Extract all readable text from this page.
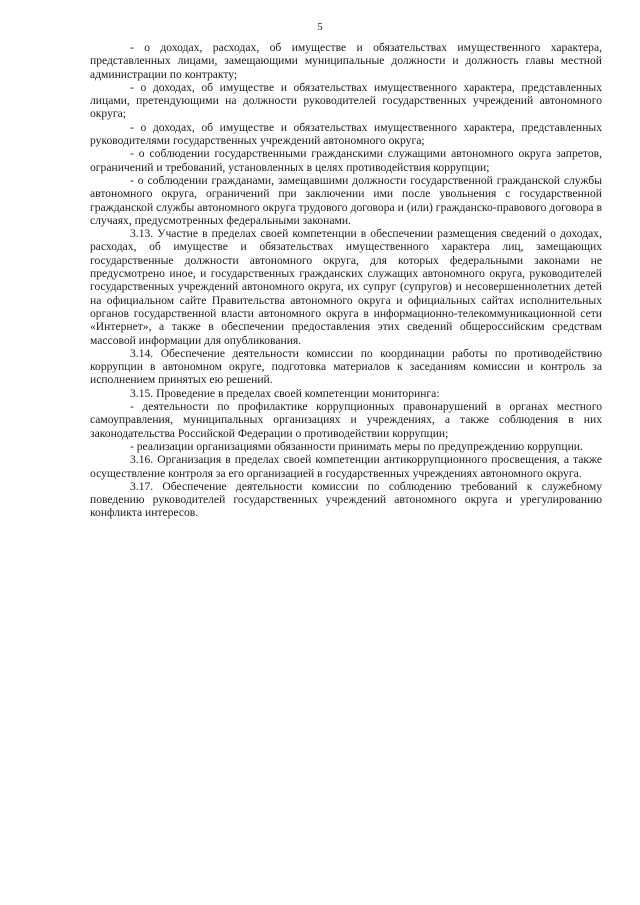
5

- о доходах, расходах, об имуществе и обязательствах имущественного характера, представленных лицами, замещающими муниципальные должности и должность главы местной администрации по контракту;

- о доходах, об имуществе и обязательствах имущественного характера, представленных лицами, претендующими на должности руководителей государственных учреждений автономного округа;

- о доходах, об имуществе и обязательствах имущественного характера, представленных руководителями государственных учреждений автономного округа;

- о соблюдении государственными гражданскими служащими автономного округа запретов, ограничений и требований, установленных в целях противодействия коррупции;

- о соблюдении гражданами, замещавшими должности государственной гражданской службы автономного округа, ограничений при заключении ими после увольнения с государственной гражданской службы автономного округа трудового договора и (или) гражданско-правового договора в случаях, предусмотренных федеральными законами.

3.13. Участие в пределах своей компетенции в обеспечении размещения сведений о доходах, расходах, об имуществе и обязательствах имущественного характера лиц, замещающих государственные должности автономного округа, для которых федеральными законами не предусмотрено иное, и государственных гражданских служащих автономного округа, руководителей государственных учреждений автономного округа, их супруг (супругов) и несовершеннолетних детей на официальном сайте Правительства автономного округа и официальных сайтах исполнительных органов государственной власти автономного округа в информационно-телекоммуникационной сети «Интернет», а также в обеспечении предоставления этих сведений общероссийским средствам массовой информации для опубликования.

3.14. Обеспечение деятельности комиссии по координации работы по противодействию коррупции в автономном округе, подготовка материалов к заседаниям комиссии и контроль за исполнением принятых ею решений.

3.15. Проведение в пределах своей компетенции мониторинга:

- деятельности по профилактике коррупционных правонарушений в органах местного самоуправления, муниципальных организациях и учреждениях, а также соблюдения в них законодательства Российской Федерации о противодействии коррупции;

- реализации организациями обязанности принимать меры по предупреждению коррупции.

3.16. Организация в пределах своей компетенции антикоррупционного просвещения, а также осуществление контроля за его организацией в государственных учреждениях автономного округа.

3.17. Обеспечение деятельности комиссии по соблюдению требований к служебному поведению руководителей государственных учреждений автономного округа и урегулированию конфликта интересов.
